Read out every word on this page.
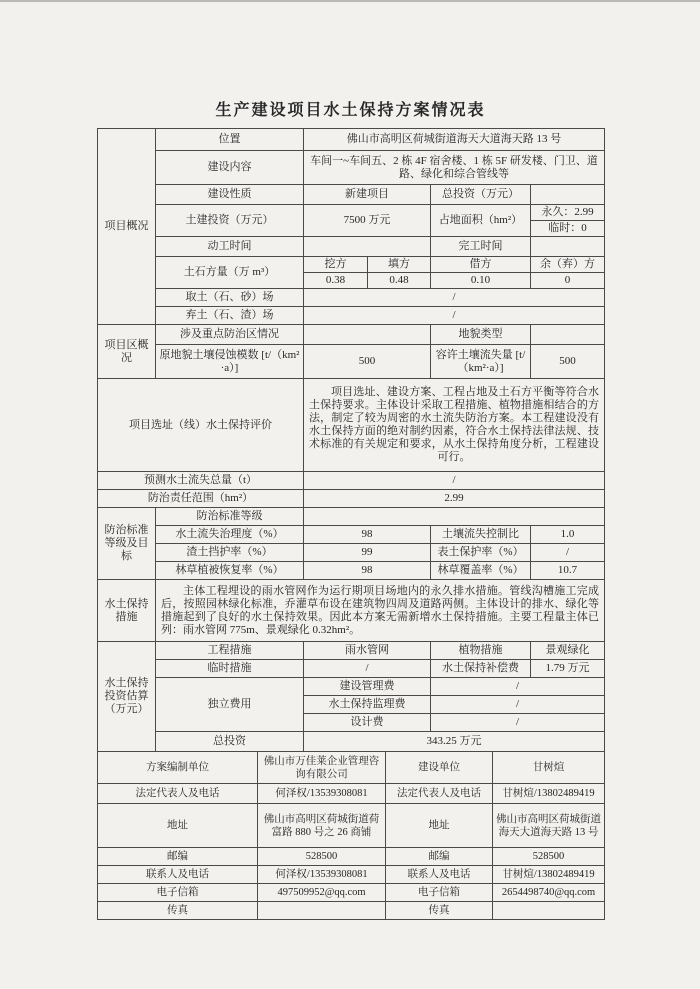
生产建设项目水土保持方案情况表
项目概况	位置	佛山市高明区荷城街道海天大道海天路 13 号			
	建设内容	车间一~车间五、2 栋 4F 宿舍楼、1 栋 5F 研发楼、门卫、道路、绿化和综合管线等			
	建设性质	新建项目		总投资（万元）	
	土建投资（万元）	7500 万元		占地面积（hm²）	永久：2.99
					临时：0
	动工时间			完工时间	
	土石方量（万 m³）	挖方	填方	借方	余（弃）方
		0.38	0.48	0.10	0
	取土（石、砂）场	/			
	弃土（石、渣）场	/			
项目区概况	涉及重点防治区情况			地貌类型	
	原地貌土壤侵蚀模数 [t/（km²·a）]	500		容许土壤流失量 [t/（km²·a）]	500
项目选址（线）水土保持评价		项目选址、建设方案、工程占地及土石方平衡等符合水土保持要求。主体设计采取工程措施、植物措施相结合的方法，制定了较为周密的水土流失防治方案。本工程建设没有水土保持方面的绝对制约因素，符合水土保持法律法规、技术标准的有关规定和要求，从水土保持角度分析，工程建设可行。			
预测水土流失总量（t）		/			
防治责任范围（hm²）		2.99			
防治标准等级及目标	防治标准等级				
	水土流失治理度（%）	98		土壤流失控制比	1.0
	渣土挡护率（%）	99		表土保护率（%）	/
	林草植被恢复率（%）	98		林草覆盖率（%）	10.7
水土保持措施	主体工程埋设的雨水管网作为运行期项目场地内的永久排水措施。管线沟槽施工完成后，按照园林绿化标准，乔灌草布设在建筑物四周及道路两侧。主体设计的排水、绿化等措施起到了良好的水土保持效果。因此本方案无需新增水土保持措施。主要工程量主体已列：雨水管网 775m、景观绿化 0.32hm²。				
水土保持投资估算（万元）	工程措施	雨水管网		植物措施	景观绿化
	临时措施	/		水土保持补偿费	1.79 万元
	独立费用	建设管理费		/	
		水土保持监理费		/	
		设计费		/	
	总投资	343.25 万元			
方案编制单位	佛山市万佳莱企业管理咨询有限公司	建设单位	甘树煊
法定代表人及电话	何泽权/13539308081	法定代表人及电话	甘树煊/13802489419
地址	佛山市高明区荷城街道荷富路 880 号之 26 商铺	地址	佛山市高明区荷城街道海天大道海天路 13 号
邮编	528500	邮编	528500
联系人及电话	何泽权/13539308081	联系人及电话	甘树煊/13802489419
电子信箱	497509952@qq.com	电子信箱	2654498740@qq.com
传真		传真	
